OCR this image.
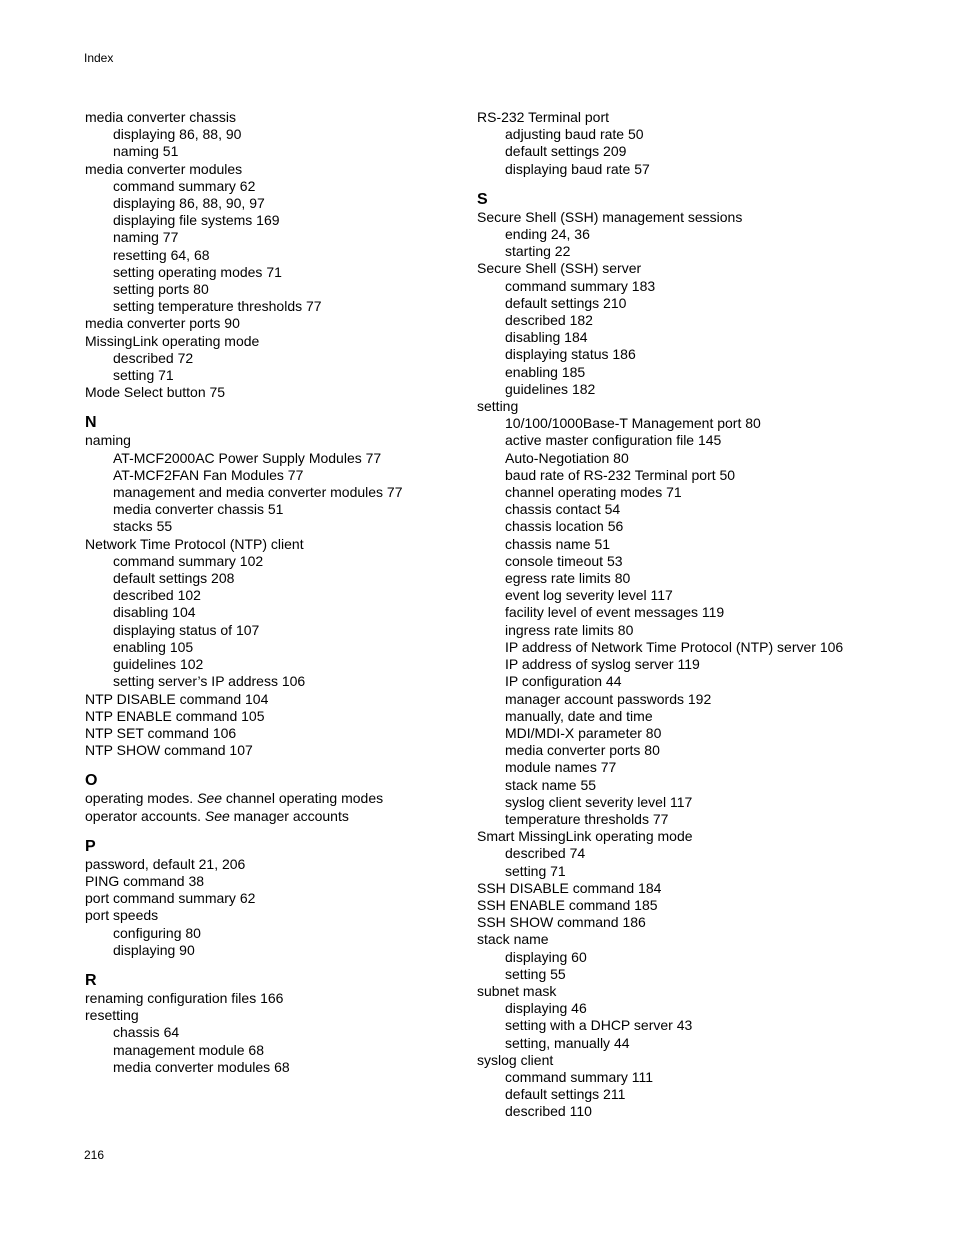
Index
media converter chassis
displaying 86, 88, 90
naming 51
media converter modules
command summary 62
displaying 86, 88, 90, 97
displaying file systems 169
naming 77
resetting 64, 68
setting operating modes 71
setting ports 80
setting temperature thresholds 77
media converter ports 90
MissingLink operating mode
described 72
setting 71
Mode Select button 75
N
naming
AT-MCF2000AC Power Supply Modules 77
AT-MCF2FAN Fan Modules 77
management and media converter modules 77
media converter chassis 51
stacks 55
Network Time Protocol (NTP) client
command summary 102
default settings 208
described 102
disabling 104
displaying status of 107
enabling 105
guidelines 102
setting server’s IP address 106
NTP DISABLE command 104
NTP ENABLE command 105
NTP SET command 106
NTP SHOW command 107
O
operating modes. See channel operating modes
operator accounts. See manager accounts
P
password, default 21, 206
PING command 38
port command summary 62
port speeds
configuring 80
displaying 90
R
renaming configuration files 166
resetting
chassis 64
management module 68
media converter modules 68
RS-232 Terminal port
adjusting baud rate 50
default settings 209
displaying baud rate 57
S
Secure Shell (SSH) management sessions
ending 24, 36
starting 22
Secure Shell (SSH) server
command summary 183
default settings 210
described 182
disabling 184
displaying status 186
enabling 185
guidelines 182
setting
10/100/1000Base-T Management port 80
active master configuration file 145
Auto-Negotiation 80
baud rate of RS-232 Terminal port 50
channel operating modes 71
chassis contact 54
chassis location 56
chassis name 51
console timeout 53
egress rate limits 80
event log severity level 117
facility level of event messages 119
ingress rate limits 80
IP address of Network Time Protocol (NTP) server 106
IP address of syslog server 119
IP configuration 44
manager account passwords 192
manually, date and time
MDI/MDI-X parameter 80
media converter ports 80
module names 77
stack name 55
syslog client severity level 117
temperature thresholds 77
Smart MissingLink operating mode
described 74
setting 71
SSH DISABLE command 184
SSH ENABLE command 185
SSH SHOW command 186
stack name
displaying 60
setting 55
subnet mask
displaying 46
setting with a DHCP server 43
setting, manually 44
syslog client
command summary 111
default settings 211
described 110
216
